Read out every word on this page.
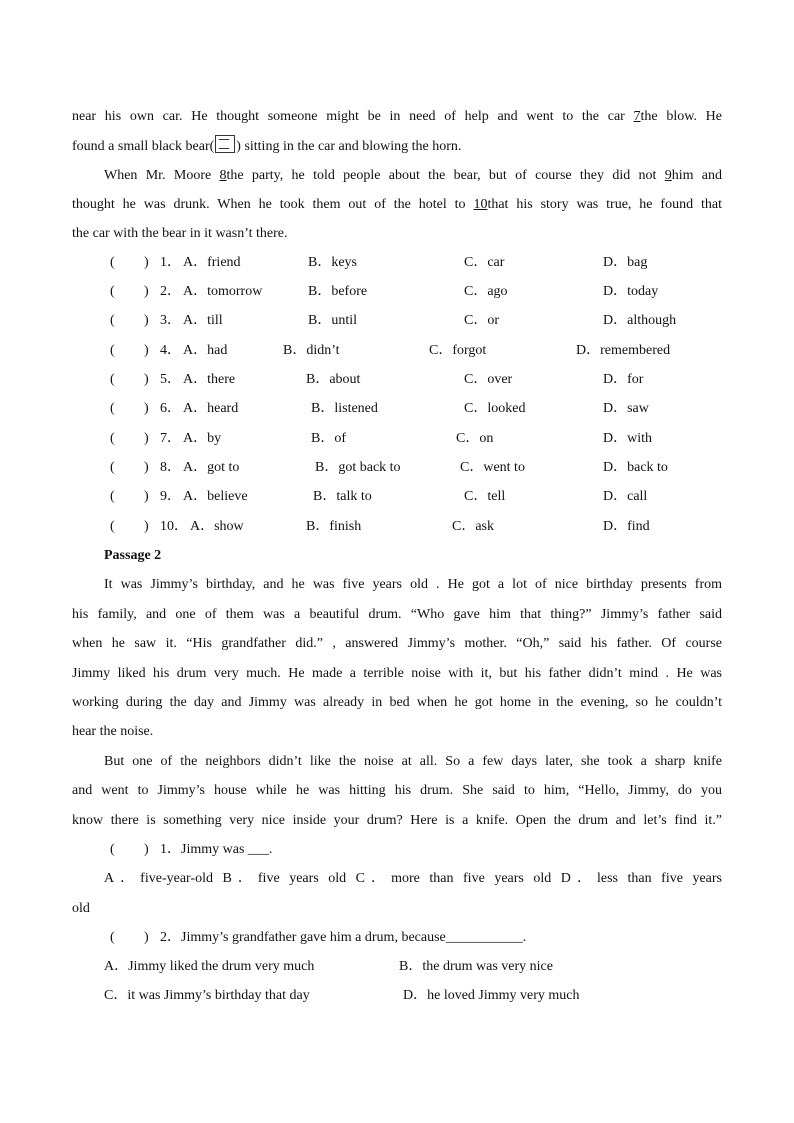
near his own car. He thought someone might be in need of help and went to the car 7the blow. He
found a small black bear( ) sitting in the car and blowing the horn.
When Mr. Moore 8the party, he told people about the bear, but of course they did not 9him and
thought he was drunk. When he took them out of the hotel to 10that his story was true, he found that
the car with the bear in it wasn’t there.
( ) 1． A．friend	B．keys	C．car	D．bag
( ) 2． A．tomorrow	B．before	C．ago	D．today
( ) 3． A．till	B．until	C．or	D．although
( ) 4． A．had	B．didn’t	C．forgot	D．remembered
( ) 5． A．there	B．about	C．over	D．for
( ) 6． A．heard	B．listened	C．looked	D．saw
( ) 7． A．by	B．of	C．on	D．with
( ) 8． A．got to	B．got back to	C．went to	D．back to
( ) 9． A．believe	B．talk to	C．tell	D．call
( ) 10． A．show	B．finish	C．ask	D．find
Passage 2
It was Jimmy’s birthday, and he was five years old . He got a lot of nice birthday presents from
his family, and one of them was a beautiful drum. “Who gave him that thing?” Jimmy’s father said
when he saw it. “His grandfather did.” , answered Jimmy’s mother. “Oh,” said his father. Of course
Jimmy liked his drum very much. He made a terrible noise with it, but his father didn’t mind . He was
working during the day and Jimmy was already in bed when he got home in the evening, so he couldn’t
hear the noise.
But one of the neighbors didn’t like the noise at all. So a few days later, she took a sharp knife
and went to Jimmy’s house while he was hitting his drum. She said to him, “Hello, Jimmy, do you
know there is something very nice inside your drum? Here is a knife. Open the drum and let’s find it.”
( ) 1．Jimmy was ___.
A．five-year-old B．five years old C．more than five years old D．less than five years
old
( ) 2．Jimmy’s grandfather gave him a drum, because___________.
A．Jimmy liked the drum very much	B．the drum was very nice
C．it was Jimmy’s birthday that day	D．he loved Jimmy very much
